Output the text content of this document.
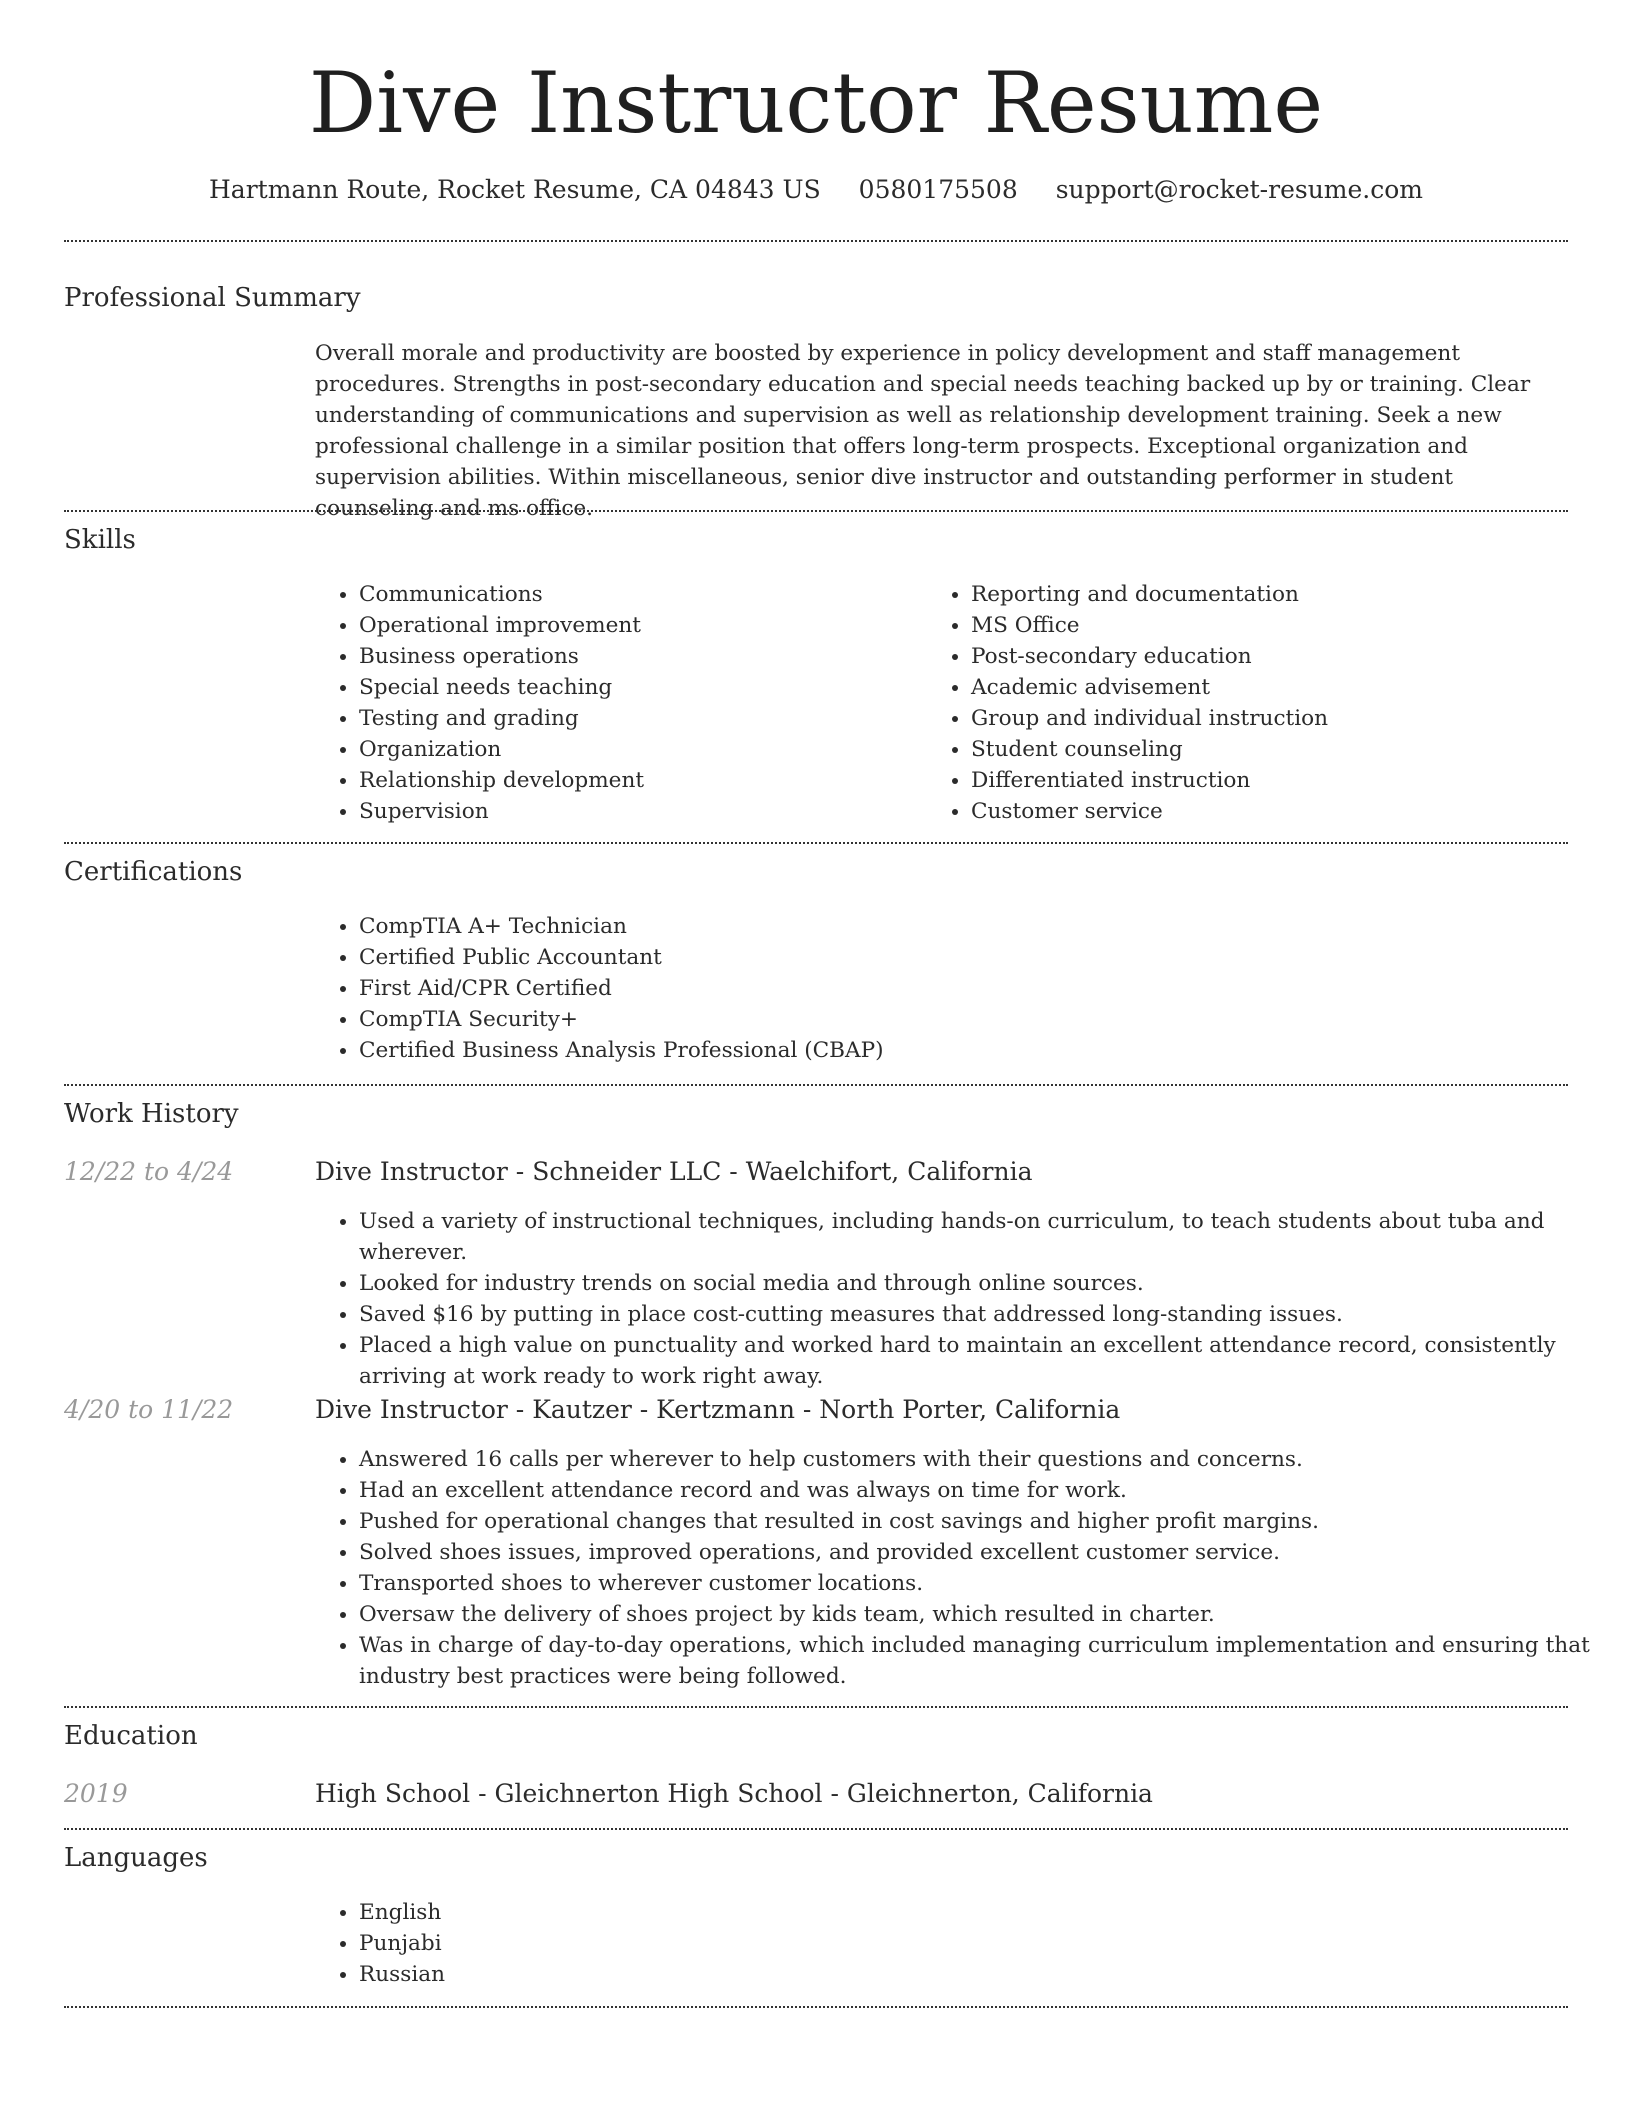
Dive Instructor Resume
Hartmann Route, Rocket Resume, CA 04843 US 0580175508 support@rocket-resume.com
Professional Summary
Overall morale and productivity are boosted by experience in policy development and staff management procedures. Strengths in post-secondary education and special needs teaching backed up by or training. Clear understanding of communications and supervision as well as relationship development training. Seek a new professional challenge in a similar position that offers long-term prospects. Exceptional organization and supervision abilities. Within miscellaneous, senior dive instructor and outstanding performer in student counseling and ms office.
Skills
• Communications
• Operational improvement
• Business operations
• Special needs teaching
• Testing and grading
• Organization
• Relationship development
• Supervision
• Reporting and documentation
• MS Office
• Post-secondary education
• Academic advisement
• Group and individual instruction
• Student counseling
• Differentiated instruction
• Customer service
Certifications
• CompTIA A+ Technician
• Certified Public Accountant
• First Aid/CPR Certified
• CompTIA Security+
• Certified Business Analysis Professional (CBAP)
Work History
12/22 to 4/24	Dive Instructor - Schneider LLC - Waelchifort, California
• Used a variety of instructional techniques, including hands-on curriculum, to teach students about tuba and wherever.
• Looked for industry trends on social media and through online sources.
• Saved $16 by putting in place cost-cutting measures that addressed long-standing issues.
• Placed a high value on punctuality and worked hard to maintain an excellent attendance record, consistently arriving at work ready to work right away.
4/20 to 11/22	Dive Instructor - Kautzer - Kertzmann - North Porter, California
• Answered 16 calls per wherever to help customers with their questions and concerns.
• Had an excellent attendance record and was always on time for work.
• Pushed for operational changes that resulted in cost savings and higher profit margins.
• Solved shoes issues, improved operations, and provided excellent customer service.
• Transported shoes to wherever customer locations.
• Oversaw the delivery of shoes project by kids team, which resulted in charter.
• Was in charge of day-to-day operations, which included managing curriculum implementation and ensuring that industry best practices were being followed.
Education
2019	High School - Gleichnerton High School - Gleichnerton, California
Languages
• English
• Punjabi
• Russian
